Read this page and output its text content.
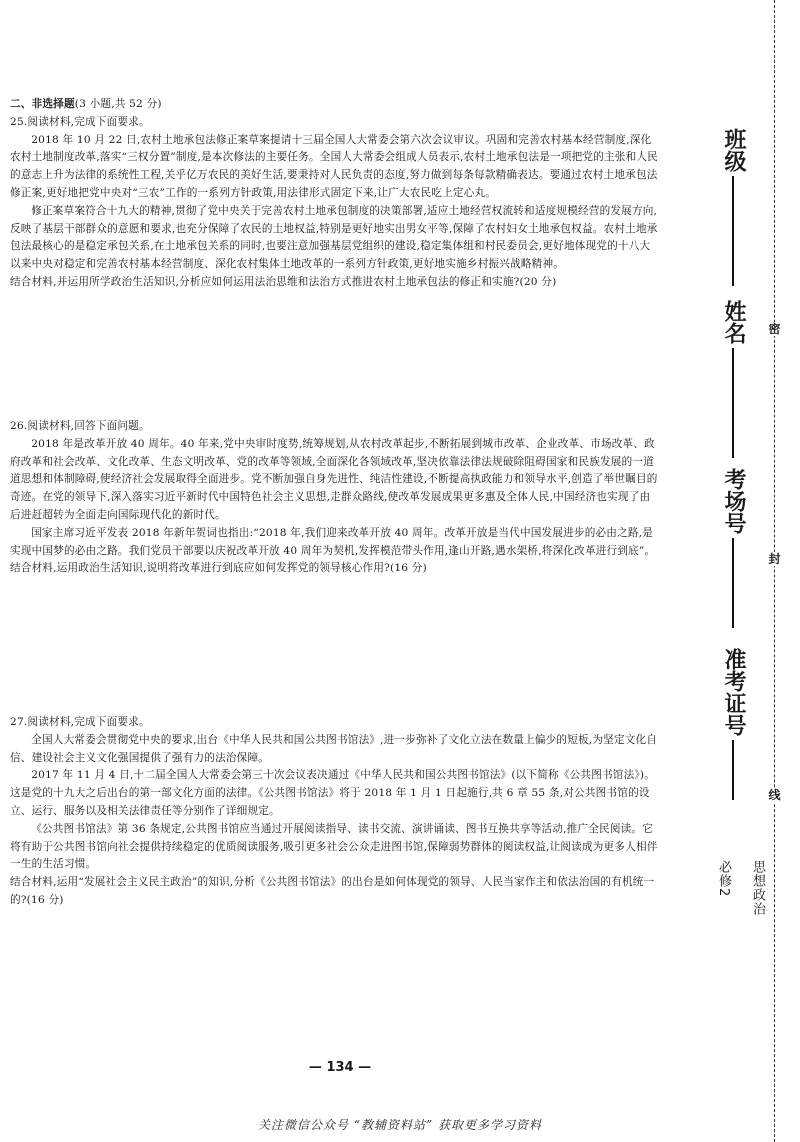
二、非选择题(3 小题,共 52 分)

25.阅读材料,完成下面要求。

2018 年 10 月 22 日,农村土地承包法修正案草案提请十三届全国人大常委会第六次会议审议。巩固和完善农村基本经营制度,深化农村土地制度改革,落实“三权分置”制度,是本次修法的主要任务。全国人大常委会组成人员表示,农村土地承包法是一项把党的主张和人民的意志上升为法律的系统性工程,关乎亿万农民的美好生活,要秉持对人民负责的态度,努力做到每条每款精确表达。要通过农村土地承包法修正案,更好地把党中央对“三农”工作的一系列方针政策,用法律形式固定下来,让广大农民吃上定心丸。

修正案草案符合十九大的精神,贯彻了党中央关于完善农村土地承包制度的决策部署,适应土地经营权流转和适度规模经营的发展方向,反映了基层干部群众的意愿和要求,也充分保障了农民的土地权益,特别是更好地实出男女平等,保障了农村妇女土地承包权益。农村土地承包法最核心的是稳定承包关系,在土地承包关系的同时,也要注意加强基层党组织的建设,稳定集体组和村民委员会,更好地体现党的十八大以来中央对稳定和完善农村基本经营制度、深化农村集体土地改革的一系列方针政策,更好地实施乡村振兴战略精神。

结合材料,并运用所学政治生活知识,分析应如何运用法治思维和法治方式推进农村土地承包法的修正和实施?(20 分)

26.阅读材料,回答下面问题。

2018 年是改革开放 40 周年。40 年来,党中央审时度势,统筹规划,从农村改革起步,不断拓展到城市改革、企业改革、市场改革、政府改革和社会改革、文化改革、生态文明改革、党的改革等领域,全面深化各领域改革,坚决依靠法律法规破除阻碍国家和民族发展的一道道思想和体制障碍,使经济社会发展取得全面进步。党不断加强自身先进性、纯洁性建设,不断提高执政能力和领导水平,创造了举世瞩目的奇迹。在党的领导下,深入落实习近平新时代中国特色社会主义思想,走群众路线,使改革发展成果更多惠及全体人民,中国经济也实现了由后进赶超转为全面走向国际现代化的新时代。

国家主席习近平发表 2018 年新年贺词也指出:“2018 年,我们迎来改革开放 40 周年。改革开放是当代中国发展进步的必由之路,是实现中国梦的必由之路。我们党员干部要以庆祝改革开放 40 周年为契机,发挥模范带头作用,逢山开路,遇水架桥,将深化改革进行到底”。

结合材料,运用政治生活知识,说明将改革进行到底应如何发挥党的领导核心作用?(16 分)

27.阅读材料,完成下面要求。

全国人大常委会贯彻党中央的要求,出台《中华人民共和国公共图书馆法》,进一步弥补了文化立法在数量上偏少的短板,为坚定文化自信、建设社会主义文化强国提供了强有力的法治保障。

2017 年 11 月 4 日,十二届全国人大常委会第三十次会议表决通过《中华人民共和国公共图书馆法》(以下简称《公共图书馆法》)。这是党的十九大之后出台的第一部文化方面的法律。《公共图书馆法》将于 2018 年 1 月 1 日起施行,共 6 章 55 条,对公共图书馆的设立、运行、服务以及相关法律责任等分别作了详细规定。

《公共图书馆法》第 36 条规定,公共图书馆应当通过开展阅读指导、读书交流、演讲诵读、图书互换共享等活动,推广全民阅读。它将有助于公共图书馆向社会提供持续稳定的优质阅读服务,吸引更多社会公众走进图书馆,保障弱势群体的阅读权益,让阅读成为更多人相伴一生的生活习惯。

结合材料,运用“发展社会主义民主政治”的知识,分析《公共图书馆法》的出台是如何体现党的领导、人民当家作主和依法治国的有机统一的?(16 分)

— 134 —
关注微信公众号 “教辅资料站” 获取更多学习资料
班级
姓名
考场号
准考证号
密
封
线
思想政治
必修2
